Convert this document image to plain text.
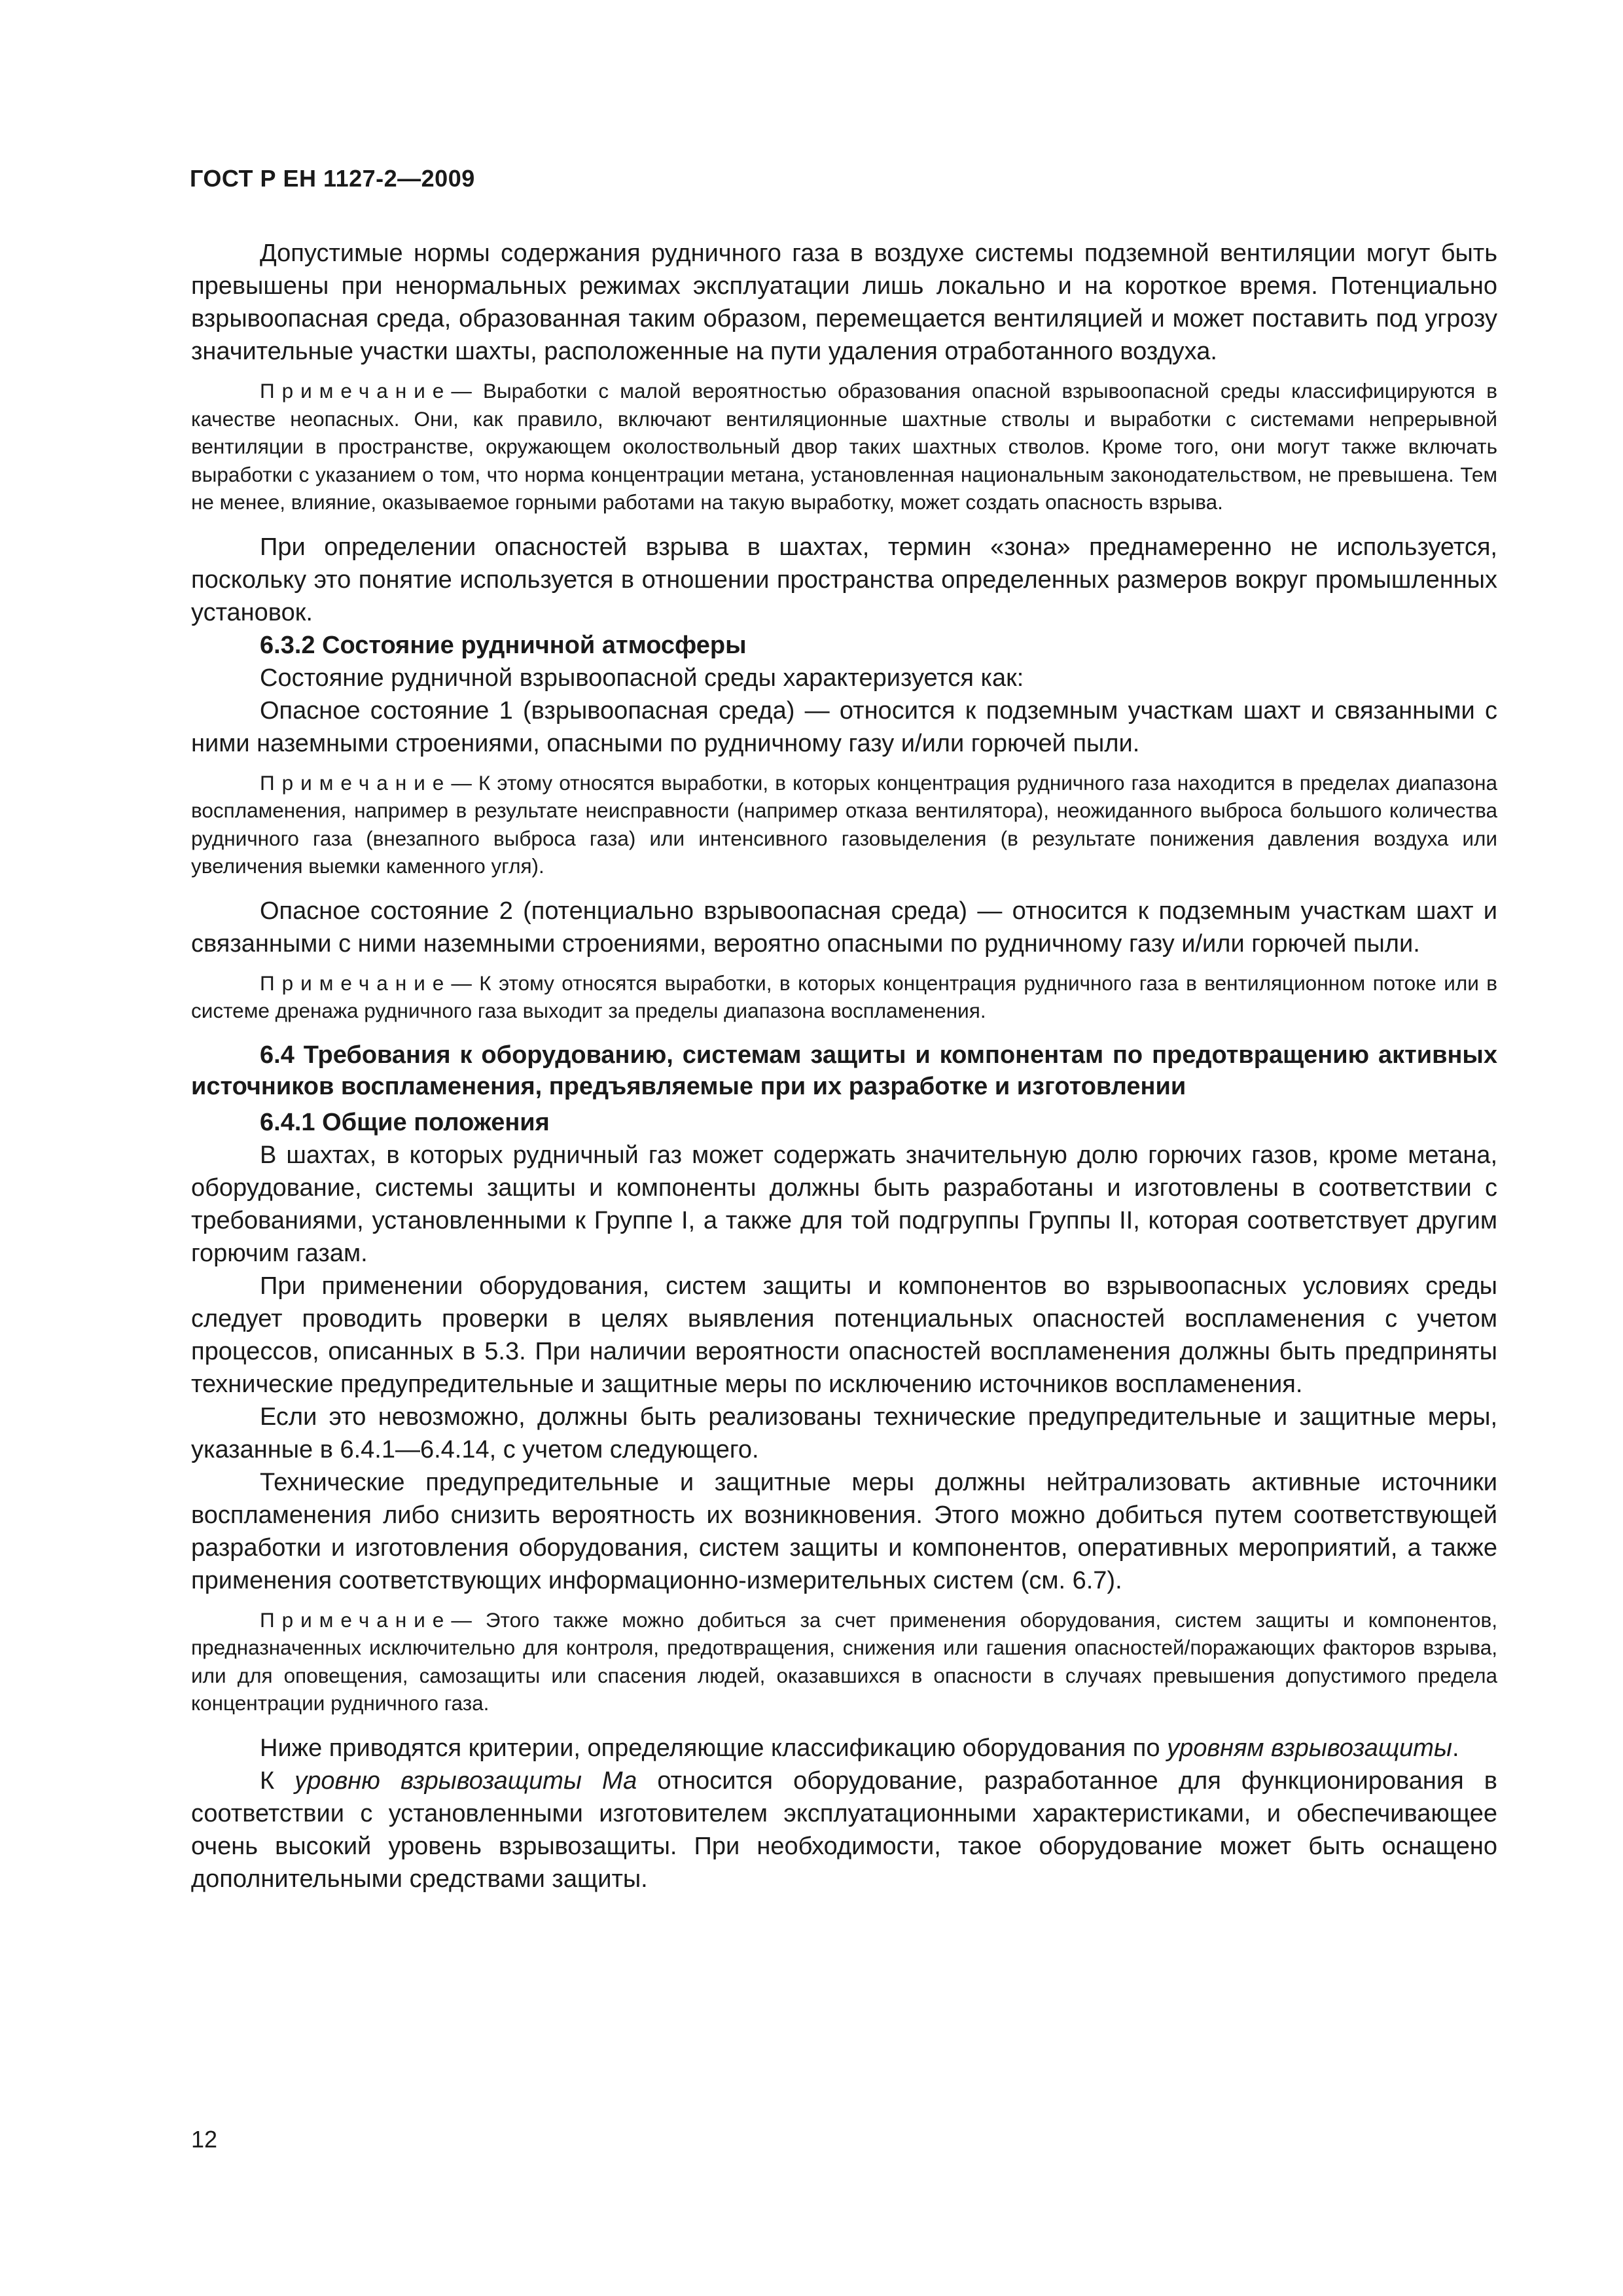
ГОСТ Р ЕН 1127-2—2009

Допустимые нормы содержания рудничного газа в воздухе системы подземной вентиляции могут быть превышены при ненормальных режимах эксплуатации лишь локально и на короткое время. Потенциально взрывоопасная среда, образованная таким образом, перемещается вентиляцией и может поставить под угрозу значительные участки шахты, расположенные на пути удаления отработанного воздуха.

Примечание— Выработки с малой вероятностью образования опасной взрывоопасной среды классифицируются в качестве неопасных. Они, как правило, включают вентиляционные шахтные стволы и выработки с системами непрерывной вентиляции в пространстве, окружающем околоствольный двор таких шахтных стволов. Кроме того, они могут также включать выработки с указанием о том, что норма концентрации метана, установленная национальным законодательством, не превышена. Тем не менее, влияние, оказываемое горными работами на такую выработку, может создать опасность взрыва.

При определении опасностей взрыва в шахтах, термин «зона» преднамеренно не используется, поскольку это понятие используется в отношении пространства определенных размеров вокруг промышленных установок.

6.3.2 Состояние рудничной атмосферы

Состояние рудничной взрывоопасной среды характеризуется как:

Опасное состояние 1 (взрывоопасная среда) — относится к подземным участкам шахт и связанными с ними наземными строениями, опасными по рудничному газу и/или горючей пыли.

Примечание— К этому относятся выработки, в которых концентрация рудничного газа находится в пределах диапазона воспламенения, например в результате неисправности (например отказа вентилятора), неожиданного выброса большого количества рудничного газа (внезапного выброса газа) или интенсивного газовыделения (в результате понижения давления воздуха или увеличения выемки каменного угля).

Опасное состояние 2 (потенциально взрывоопасная среда) — относится к подземным участкам шахт и связанными с ними наземными строениями, вероятно опасными по рудничному газу и/или горючей пыли.

Примечание— К этому относятся выработки, в которых концентрация рудничного газа в вентиляционном потоке или в системе дренажа рудничного газа выходит за пределы диапазона воспламенения.

6.4 Требования к оборудованию, системам защиты и компонентам по предотвращению активных источников воспламенения, предъявляемые при их разработке и изготовлении

6.4.1 Общие положения

В шахтах, в которых рудничный газ может содержать значительную долю горючих газов, кроме метана, оборудование, системы защиты и компоненты должны быть разработаны и изготовлены в соответствии с требованиями, установленными к Группе I, а также для той подгруппы Группы II, которая соответствует другим горючим газам.

При применении оборудования, систем защиты и компонентов во взрывоопасных условиях среды следует проводить проверки в целях выявления потенциальных опасностей воспламенения с учетом процессов, описанных в 5.3. При наличии вероятности опасностей воспламенения должны быть предприняты технические предупредительные и защитные меры по исключению источников воспламенения.

Если это невозможно, должны быть реализованы технические предупредительные и защитные меры, указанные в 6.4.1—6.4.14, с учетом следующего.

Технические предупредительные и защитные меры должны нейтрализовать активные источники воспламенения либо снизить вероятность их возникновения. Этого можно добиться путем соответствующей разработки и изготовления оборудования, систем защиты и компонентов, оперативных мероприятий, а также применения соответствующих информационно-измерительных систем (см. 6.7).

Примечание— Этого также можно добиться за счет применения оборудования, систем защиты и компонентов, предназначенных исключительно для контроля, предотвращения, снижения или гашения опасностей/поражающих факторов взрыва, или для оповещения, самозащиты или спасения людей, оказавшихся в опасности в случаях превышения допустимого предела концентрации рудничного газа.

Ниже приводятся критерии, определяющие классификацию оборудования по уровням взрывозащиты.

К уровню взрывозащиты Ма относится оборудование, разработанное для функционирования в соответствии с установленными изготовителем эксплуатационными характеристиками, и обеспечивающее очень высокий уровень взрывозащиты. При необходимости, такое оборудование может быть оснащено дополнительными средствами защиты.

12
